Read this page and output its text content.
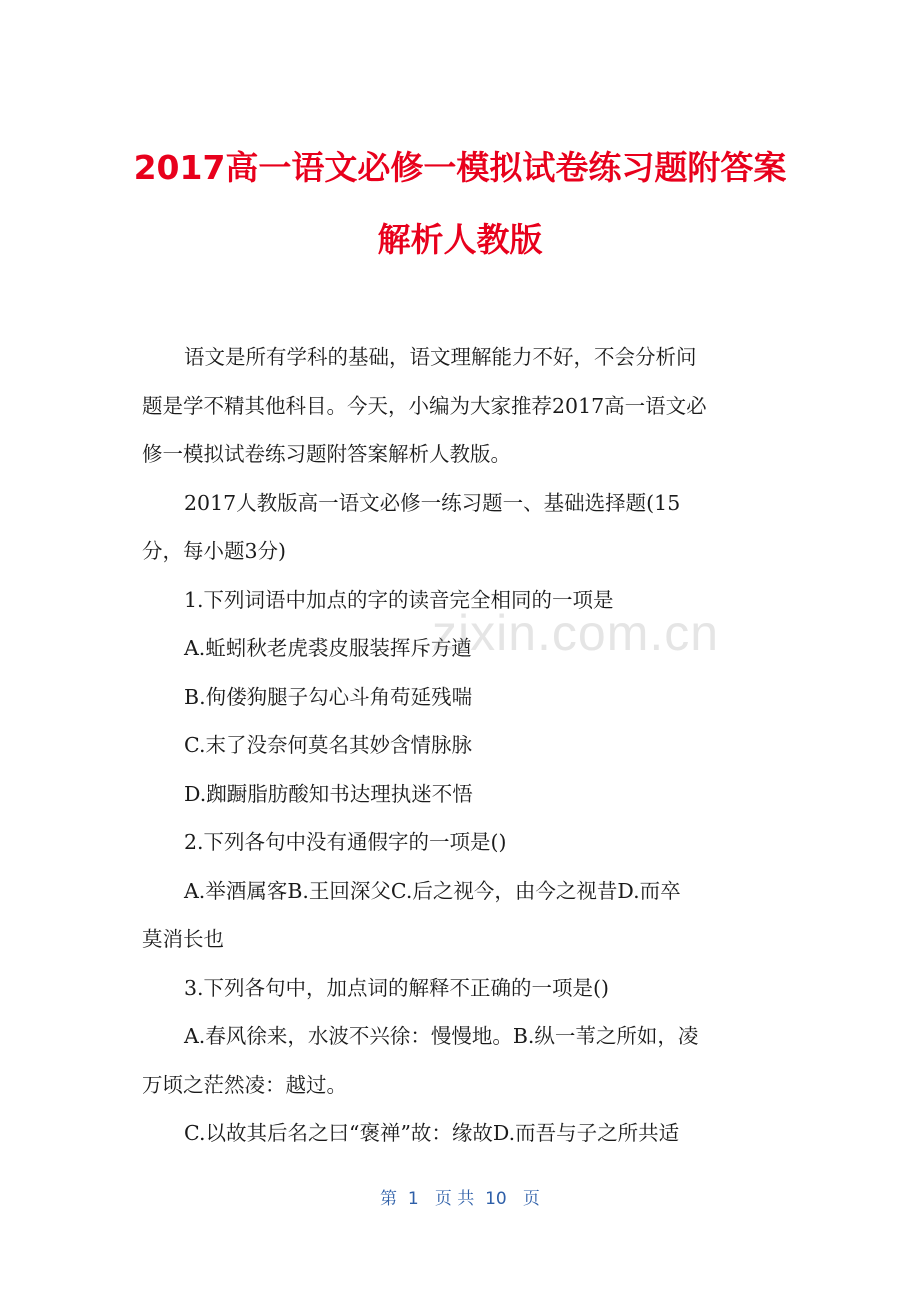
2017高一语文必修一模拟试卷练习题附答案
解析人教版

语文是所有学科的基础，语文理解能力不好，不会分析问

题是学不精其他科目。今天，小编为大家推荐2017高一语文必

修一模拟试卷练习题附答案解析人教版。

2017人教版高一语文必修一练习题一、基础选择题(15

分，每小题3分)

1.下列词语中加点的字的读音完全相同的一项是

A.蚯蚓秋老虎裘皮服装挥斥方遒

B.佝偻狗腿子勾心斗角苟延残喘

C.末了没奈何莫名其妙含情脉脉

D.踟蹰脂肪酸知书达理执迷不悟

2.下列各句中没有通假字的一项是()

A.举酒属客B.王回深父C.后之视今，由今之视昔D.而卒

莫消长也

3.下列各句中，加点词的解释不正确的一项是()

A.春风徐来，水波不兴徐：慢慢地。B.纵一苇之所如，凌

万顷之茫然凌：越过。

C.以故其后名之曰“褒禅”故：缘故D.而吾与子之所共适

zixin.com.cn
第  1   页 共  10   页
